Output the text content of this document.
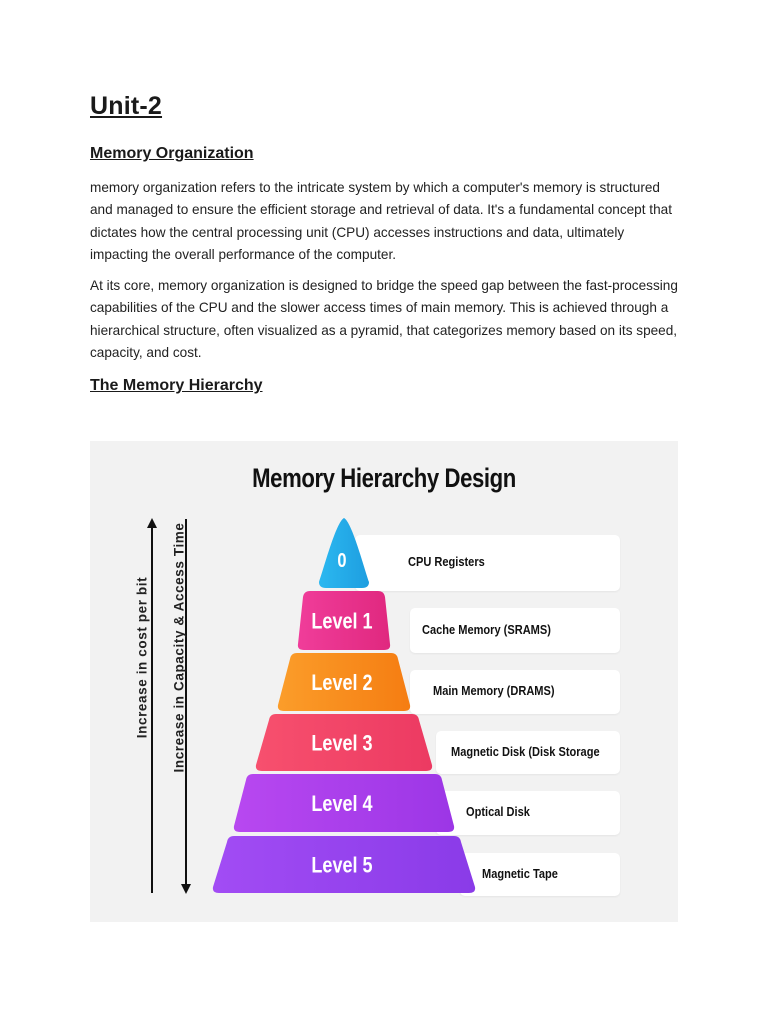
Unit-2
Memory Organization

memory organization refers to the intricate system by which a computer's memory is structured and managed to ensure the efficient storage and retrieval of data. It's a fundamental concept that dictates how the central processing unit (CPU) accesses instructions and data, ultimately impacting the overall performance of the computer.

At its core, memory organization is designed to bridge the speed gap between the fast-processing capabilities of the CPU and the slower access times of main memory. This is achieved through a hierarchical structure, often visualized as a pyramid, that categorizes memory based on its speed, capacity, and cost.

The Memory Hierarchy
Memory Hierarchy Design
Increase in cost per bit Increase in Capacity & Access Time	CPU Registers
Cache Memory (SRAMS)
Main Memory (DRAMS)
Magnetic Disk (Disk Storage
Optical Disk
Magnetic Tape
0
Level 1
Level 2
Level 3
Level 4
Level 5
